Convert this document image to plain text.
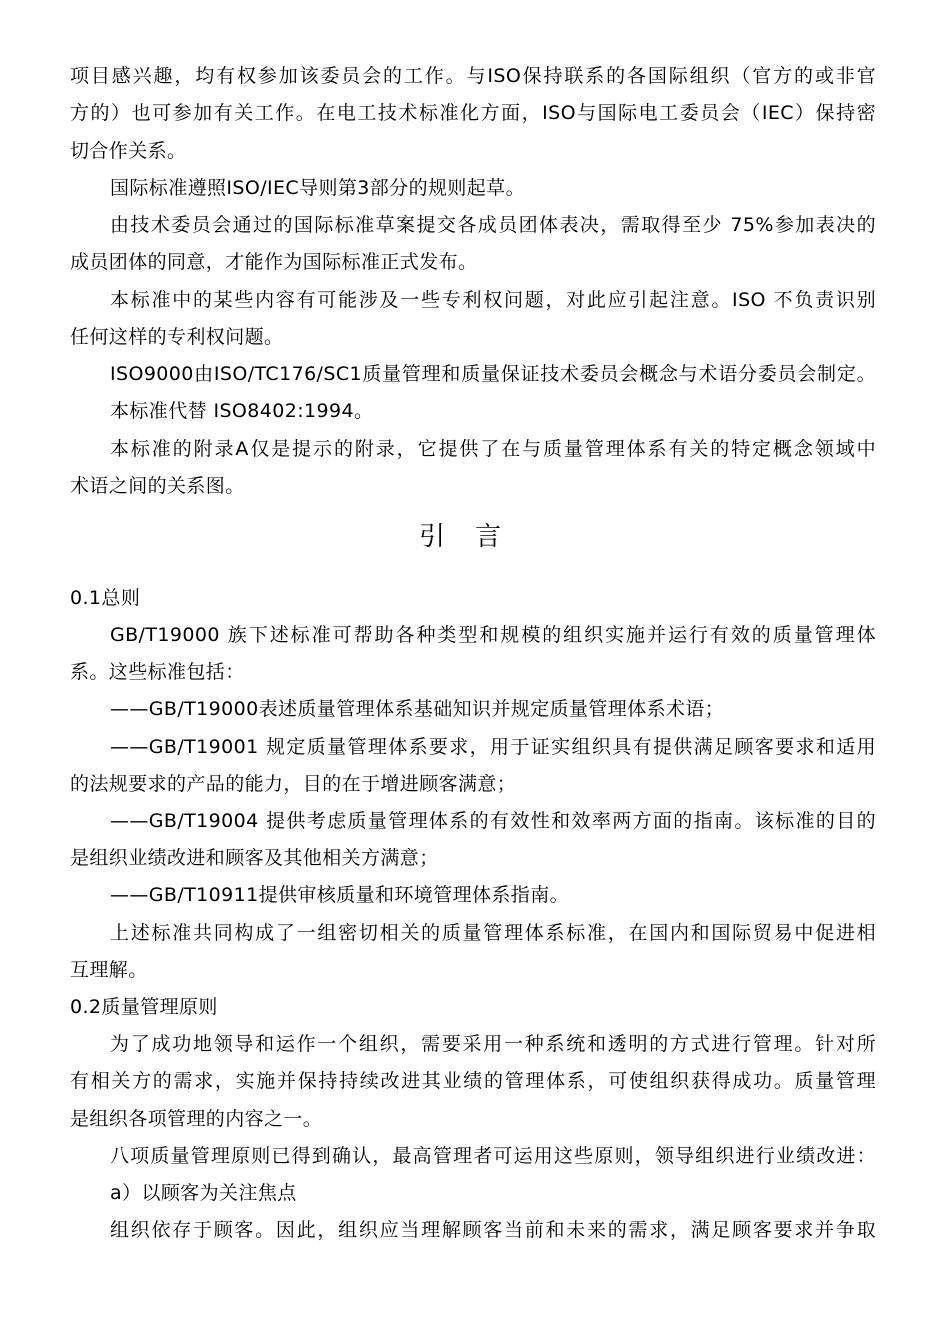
项目感兴趣，均有权参加该委员会的工作。与ISO保持联系的各国际组织（官方的或非官
方的）也可参加有关工作。在电工技术标准化方面，ISO与国际电工委员会（IEC）保持密
切合作关系。
国际标准遵照ISO/IEC导则第3部分的规则起草。
由技术委员会通过的国际标准草案提交各成员团体表决，需取得至少 75%参加表决的
成员团体的同意，才能作为国际标准正式发布。
本标准中的某些内容有可能涉及一些专利权问题，对此应引起注意。ISO 不负责识别
任何这样的专利权问题。
ISO9000由ISO/TC176/SC1质量管理和质量保证技术委员会概念与术语分委员会制定。
本标准代替 ISO8402:1994。
本标准的附录A仅是提示的附录，它提供了在与质量管理体系有关的特定概念领域中
术语之间的关系图。
引言
0.1总则
GB/T19000 族下述标准可帮助各种类型和规模的组织实施并运行有效的质量管理体
系。这些标准包括：
——GB/T19000表述质量管理体系基础知识并规定质量管理体系术语；
——GB/T19001 规定质量管理体系要求，用于证实组织具有提供满足顾客要求和适用
的法规要求的产品的能力，目的在于增进顾客满意；
——GB/T19004 提供考虑质量管理体系的有效性和效率两方面的指南。该标准的目的
是组织业绩改进和顾客及其他相关方满意；
——GB/T10911提供审核质量和环境管理体系指南。
上述标准共同构成了一组密切相关的质量管理体系标准，在国内和国际贸易中促进相
互理解。
0.2质量管理原则
为了成功地领导和运作一个组织，需要采用一种系统和透明的方式进行管理。针对所
有相关方的需求，实施并保持持续改进其业绩的管理体系，可使组织获得成功。质量管理
是组织各项管理的内容之一。
八项质量管理原则已得到确认，最高管理者可运用这些原则，领导组织进行业绩改进：
a）以顾客为关注焦点
组织依存于顾客。因此，组织应当理解顾客当前和未来的需求，满足顾客要求并争取
